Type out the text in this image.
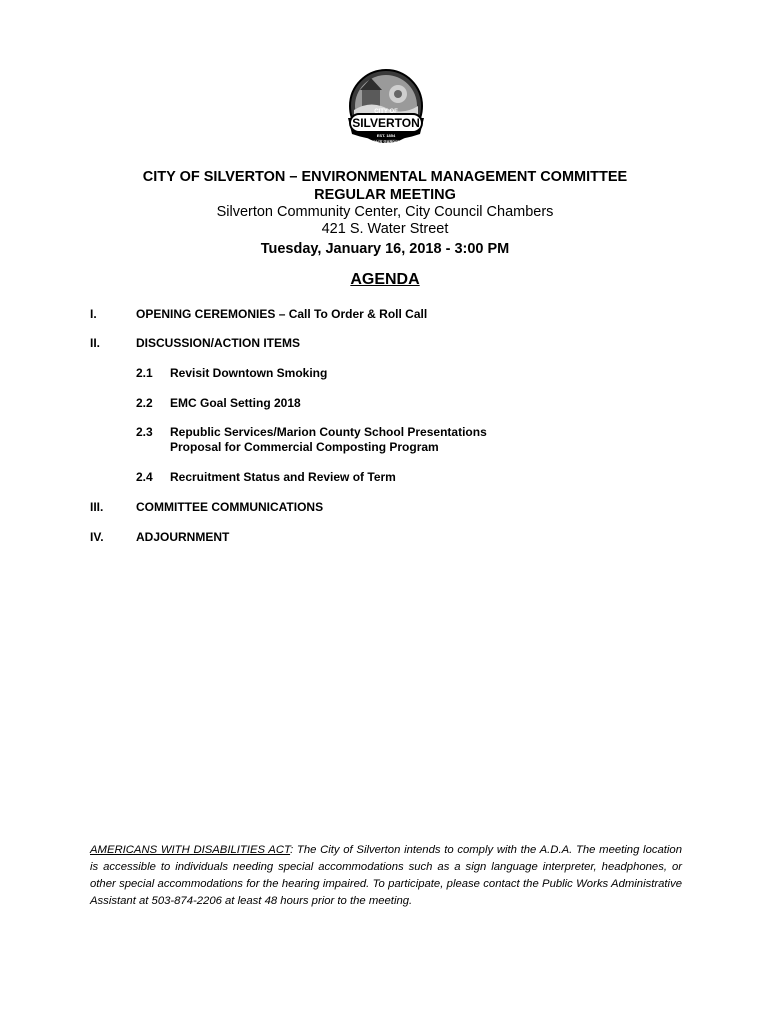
CITY OF
SILVERTON
EST. 1854
OREGON'S GARDEN CITY
CITY OF SILVERTON – ENVIRONMENTAL MANAGEMENT COMMITTEE
REGULAR MEETING
Silverton Community Center, City Council Chambers
421 S. Water Street
Tuesday, January 16, 2018 - 3:00 PM
AGENDA
I.	OPENING CEREMONIES – Call To Order & Roll Call
II.	DISCUSSION/ACTION ITEMS
2.1 Revisit Downtown Smoking
2.2 EMC Goal Setting 2018
2.3 Republic Services/Marion County School Presentations
Proposal for Commercial Composting Program
2.4 Recruitment Status and Review of Term
III.	COMMITTEE COMMUNICATIONS
IV.	ADJOURNMENT
AMERICANS WITH DISABILITIES ACT: The City of Silverton intends to comply with the A.D.A. The meeting location is accessible to individuals needing special accommodations such as a sign language interpreter, headphones, or other special accommodations for the hearing impaired. To participate, please contact the Public Works Administrative Assistant at 503-874-2206 at least 48 hours prior to the meeting.
